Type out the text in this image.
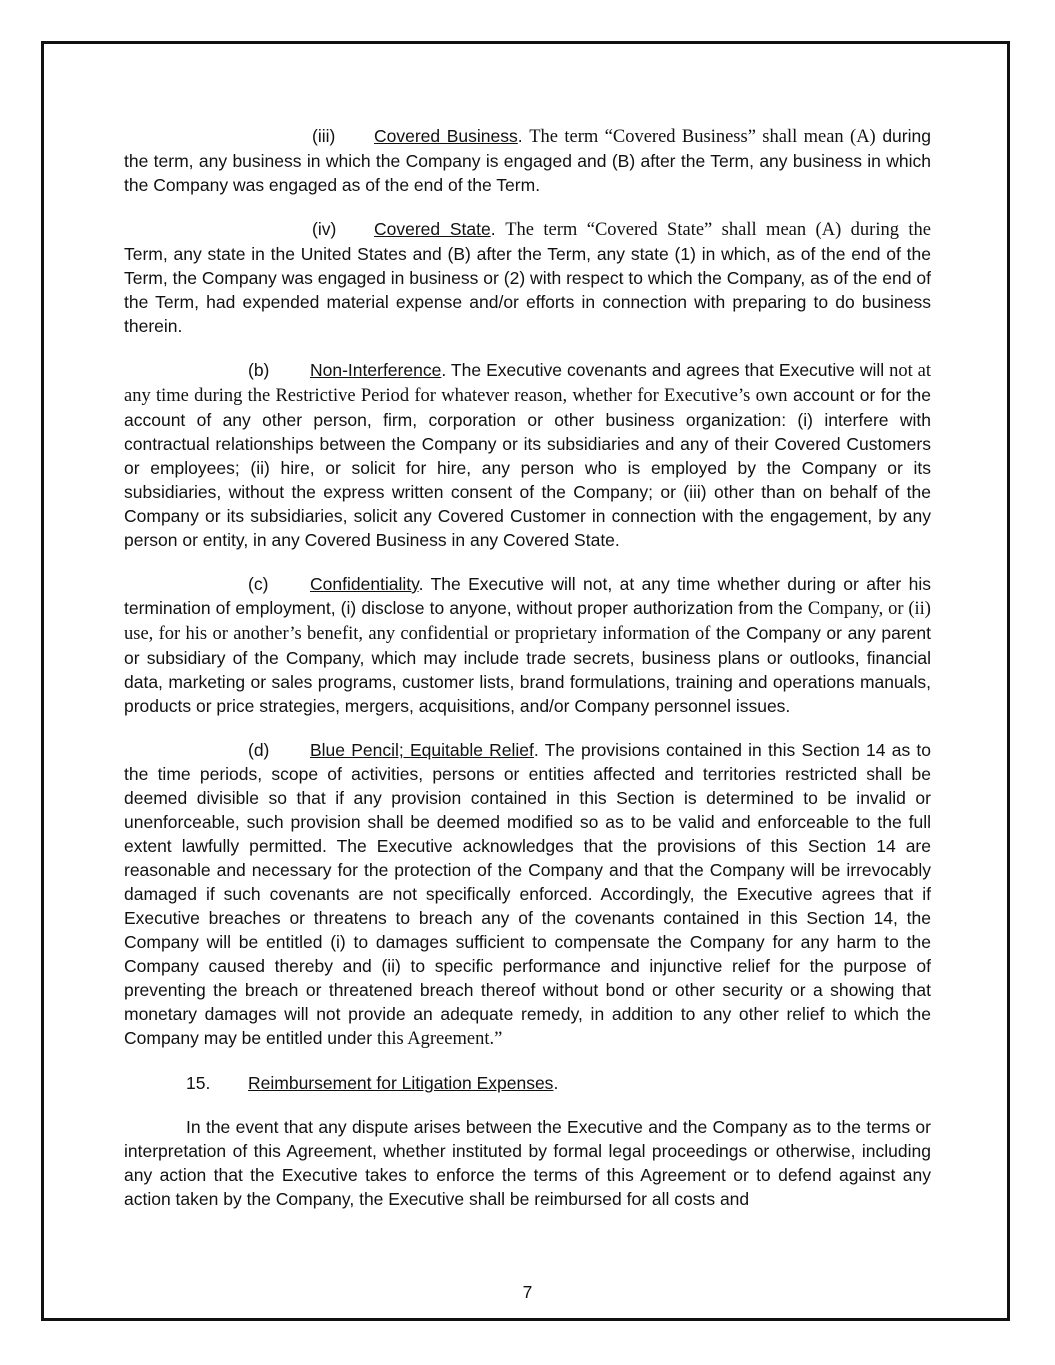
(iii) Covered Business. The term “Covered Business” shall mean (A) during the term, any business in which the Company is engaged and (B) after the Term, any business in which the Company was engaged as of the end of the Term.

(iv) Covered State. The term “Covered State” shall mean (A) during the Term, any state in the United States and (B) after the Term, any state (1) in which, as of the end of the Term, the Company was engaged in business or (2) with respect to which the Company, as of the end of the Term, had expended material expense and/or efforts in connection with preparing to do business therein.

(b) Non-Interference. The Executive covenants and agrees that Executive will not at any time during the Restrictive Period for whatever reason, whether for Executive’s own account or for the account of any other person, firm, corporation or other business organization: (i) interfere with contractual relationships between the Company or its subsidiaries and any of their Covered Customers or employees; (ii) hire, or solicit for hire, any person who is employed by the Company or its subsidiaries, without the express written consent of the Company; or (iii) other than on behalf of the Company or its subsidiaries, solicit any Covered Customer in connection with the engagement, by any person or entity, in any Covered Business in any Covered State.

(c) Confidentiality. The Executive will not, at any time whether during or after his termination of employment, (i) disclose to anyone, without proper authorization from the Company, or (ii) use, for his or another’s benefit, any confidential or proprietary information of the Company or any parent or subsidiary of the Company, which may include trade secrets, business plans or outlooks, financial data, marketing or sales programs, customer lists, brand formulations, training and operations manuals, products or price strategies, mergers, acquisitions, and/or Company personnel issues.

(d) Blue Pencil; Equitable Relief. The provisions contained in this Section 14 as to the time periods, scope of activities, persons or entities affected and territories restricted shall be deemed divisible so that if any provision contained in this Section is determined to be invalid or unenforceable, such provision shall be deemed modified so as to be valid and enforceable to the full extent lawfully permitted. The Executive acknowledges that the provisions of this Section 14 are reasonable and necessary for the protection of the Company and that the Company will be irrevocably damaged if such covenants are not specifically enforced. Accordingly, the Executive agrees that if Executive breaches or threatens to breach any of the covenants contained in this Section 14, the Company will be entitled (i) to damages sufficient to compensate the Company for any harm to the Company caused thereby and (ii) to specific performance and injunctive relief for the purpose of preventing the breach or threatened breach thereof without bond or other security or a showing that monetary damages will not provide an adequate remedy, in addition to any other relief to which the Company may be entitled under this Agreement.”

15. Reimbursement for Litigation Expenses.

In the event that any dispute arises between the Executive and the Company as to the terms or interpretation of this Agreement, whether instituted by formal legal proceedings or otherwise, including any action that the Executive takes to enforce the terms of this Agreement or to defend against any action taken by the Company, the Executive shall be reimbursed for all costs and

7
